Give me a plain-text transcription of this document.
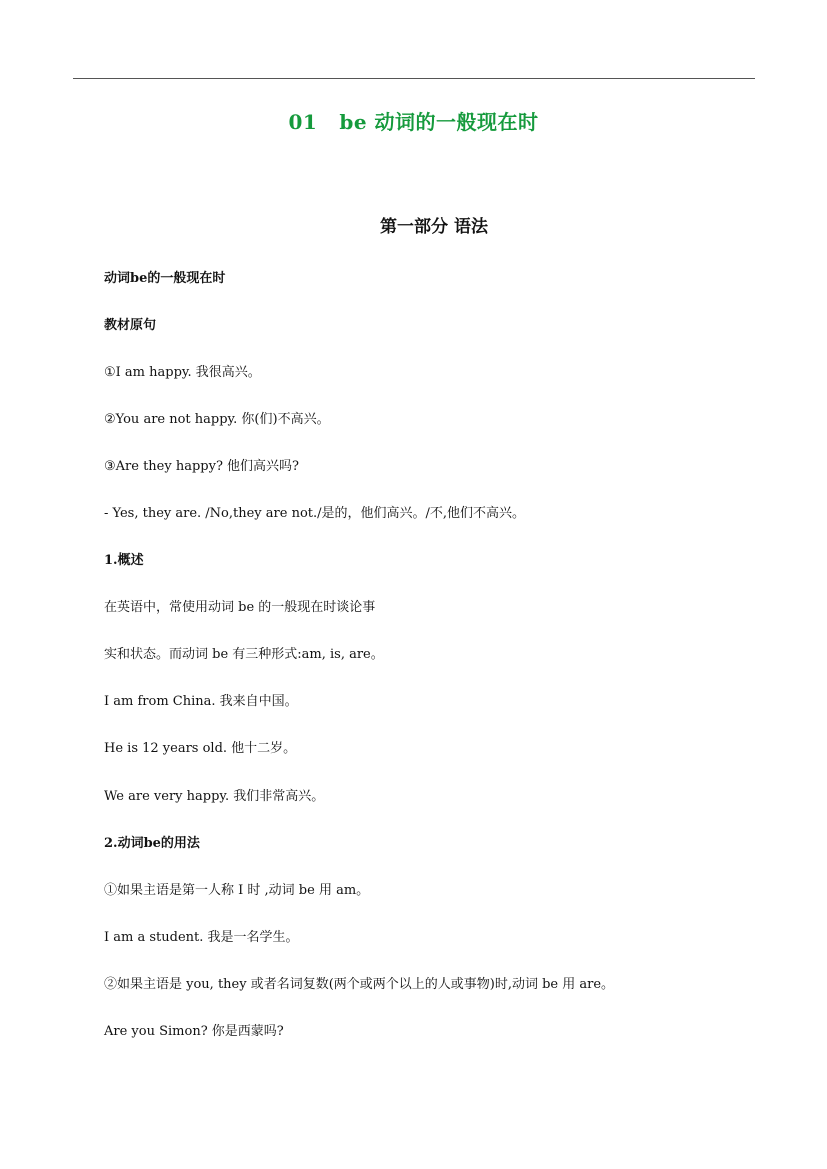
01 be 动词的一般现在时
第一部分 语法
动词be的一般现在时
教材原句
①I am happy. 我很高兴。
②You are not happy. 你(们)不高兴。
③Are they happy? 他们高兴吗?
- Yes, they are. /No,they are not./是的，他们高兴。/不,他们不高兴。
1.概述
在英语中，常使用动词 be 的一般现在时谈论事
实和状态。而动词 be 有三种形式:am, is, are。
I am from China. 我来自中国。
He is 12 years old. 他十二岁。
We are very happy. 我们非常高兴。
2.动词be的用法
①如果主语是第一人称 I 时 ,动词 be 用 am。
I am a student. 我是一名学生。
②如果主语是 you, they 或者名词复数(两个或两个以上的人或事物)时,动词 be 用 are。
Are you Simon? 你是西蒙吗?
